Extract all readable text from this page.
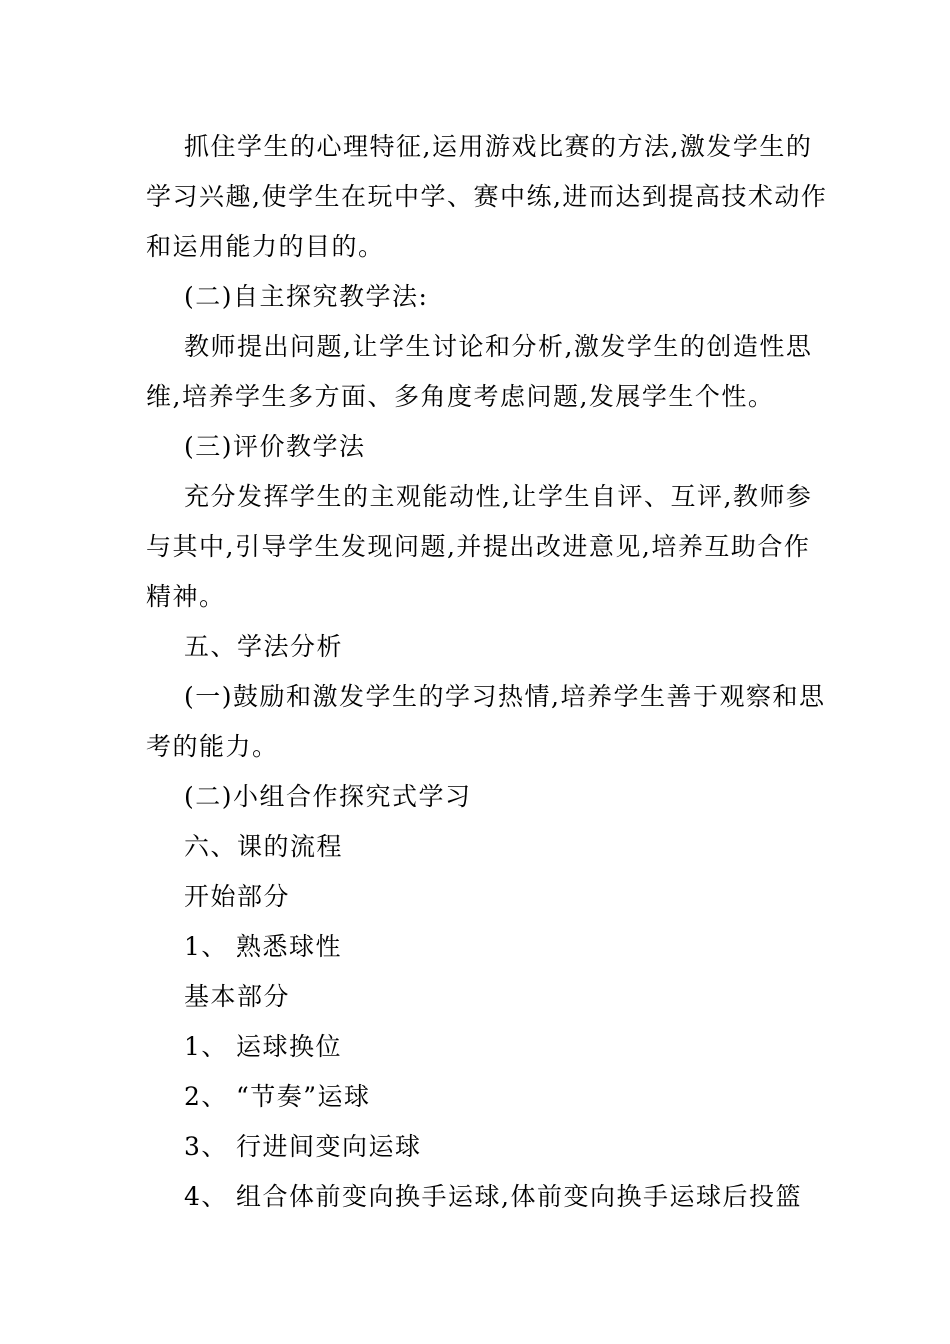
抓住学生的心理特征,运用游戏比赛的方法,激发学生的
学习兴趣,使学生在玩中学、赛中练,进而达到提高技术动作
和运用能力的目的。
(二)自主探究教学法:
教师提出问题,让学生讨论和分析,激发学生的创造性思
维,培养学生多方面、多角度考虑问题,发展学生个性。
(三)评价教学法
充分发挥学生的主观能动性,让学生自评、互评,教师参
与其中,引导学生发现问题,并提出改进意见,培养互助合作
精神。
五、学法分析
(一)鼓励和激发学生的学习热情,培养学生善于观察和思
考的能力。
(二)小组合作探究式学习
六、课的流程
开始部分
1、 熟悉球性
基本部分
1、 运球换位
2、 “节奏”运球
3、 行进间变向运球
4、 组合体前变向换手运球,体前变向换手运球后投篮
